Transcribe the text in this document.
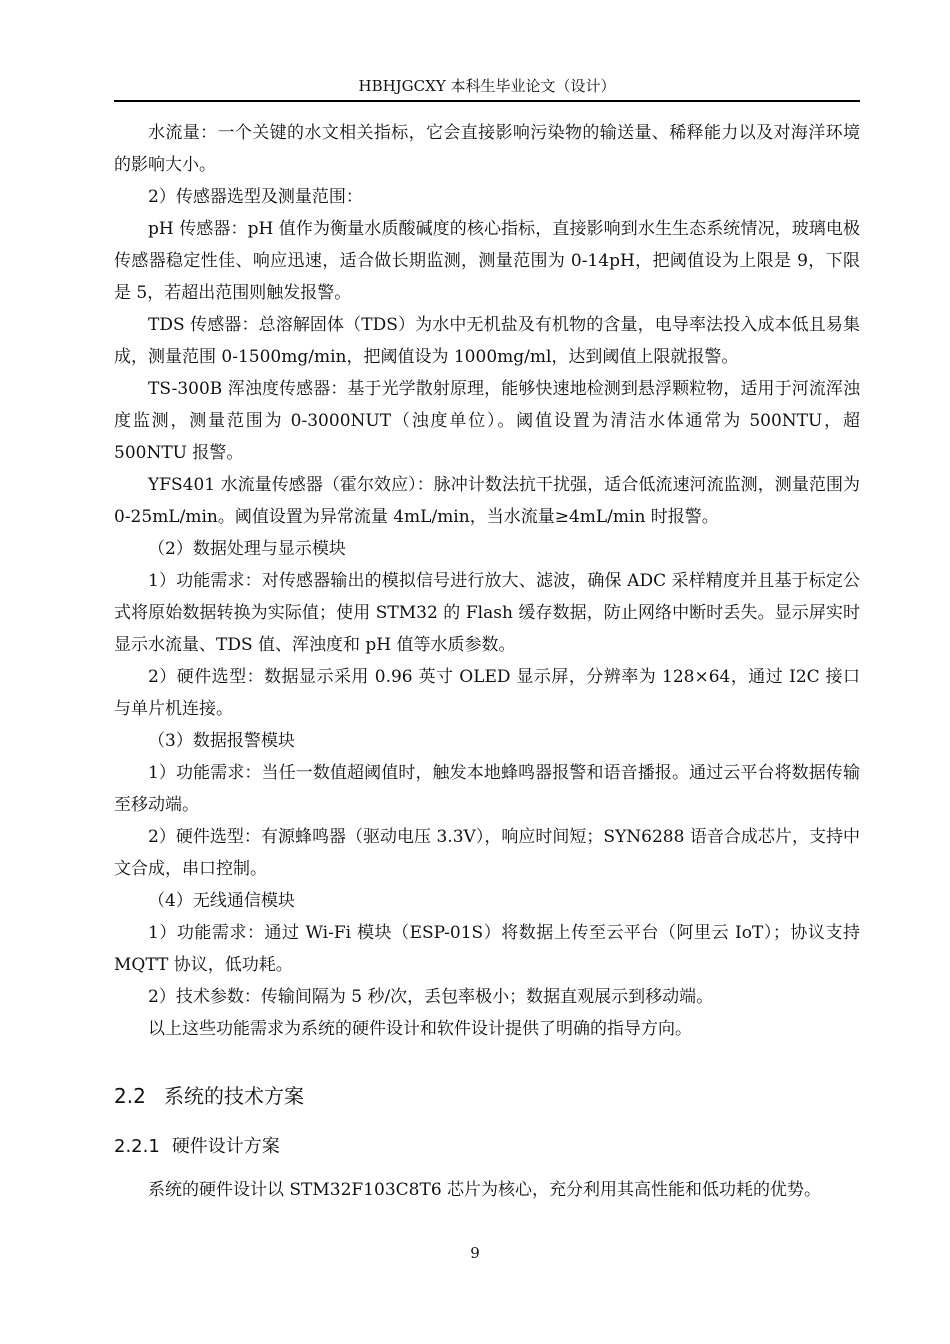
HBHJGCXY 本科生毕业论文（设计）

水流量：一个关键的水文相关指标，它会直接影响污染物的输送量、稀释能力以及对海洋环境的影响大小。

2）传感器选型及测量范围：

pH 传感器：pH 值作为衡量水质酸碱度的核心指标，直接影响到水生生态系统情况，玻璃电极传感器稳定性佳、响应迅速，适合做长期监测，测量范围为 0-14pH，把阈值设为上限是 9，下限是 5，若超出范围则触发报警。

TDS 传感器：总溶解固体（TDS）为水中无机盐及有机物的含量，电导率法投入成本低且易集成，测量范围 0-1500mg/min，把阈值设为 1000mg/ml，达到阈值上限就报警。

TS-300B 浑浊度传感器：基于光学散射原理，能够快速地检测到悬浮颗粒物，适用于河流浑浊度监测，测量范围为 0-3000NUT（浊度单位）。阈值设置为清洁水体通常为 500NTU，超 500NTU 报警。

YFS401 水流量传感器（霍尔效应）：脉冲计数法抗干扰强，适合低流速河流监测，测量范围为 0-25mL/min。阈值设置为异常流量 4mL/min，当水流量≥4mL/min 时报警。

（2）数据处理与显示模块

1）功能需求：对传感器输出的模拟信号进行放大、滤波，确保 ADC 采样精度并且基于标定公式将原始数据转换为实际值；使用 STM32 的 Flash 缓存数据，防止网络中断时丢失。显示屏实时显示水流量、TDS 值、浑浊度和 pH 值等水质参数。

2）硬件选型：数据显示采用 0.96 英寸 OLED 显示屏，分辨率为 128×64，通过 I2C 接口与单片机连接。

（3）数据报警模块

1）功能需求：当任一数值超阈值时，触发本地蜂鸣器报警和语音播报。通过云平台将数据传输至移动端。

2）硬件选型：有源蜂鸣器（驱动电压 3.3V），响应时间短；SYN6288 语音合成芯片，支持中文合成，串口控制。

（4）无线通信模块

1）功能需求：通过 Wi-Fi 模块（ESP-01S）将数据上传至云平台（阿里云 IoT）；协议支持 MQTT 协议，低功耗。

2）技术参数：传输间隔为 5 秒/次，丢包率极小；数据直观展示到移动端。

以上这些功能需求为系统的硬件设计和软件设计提供了明确的指导方向。

2.2 系统的技术方案
2.2.1 硬件设计方案

系统的硬件设计以 STM32F103C8T6 芯片为核心，充分利用其高性能和低功耗的优势。

9
